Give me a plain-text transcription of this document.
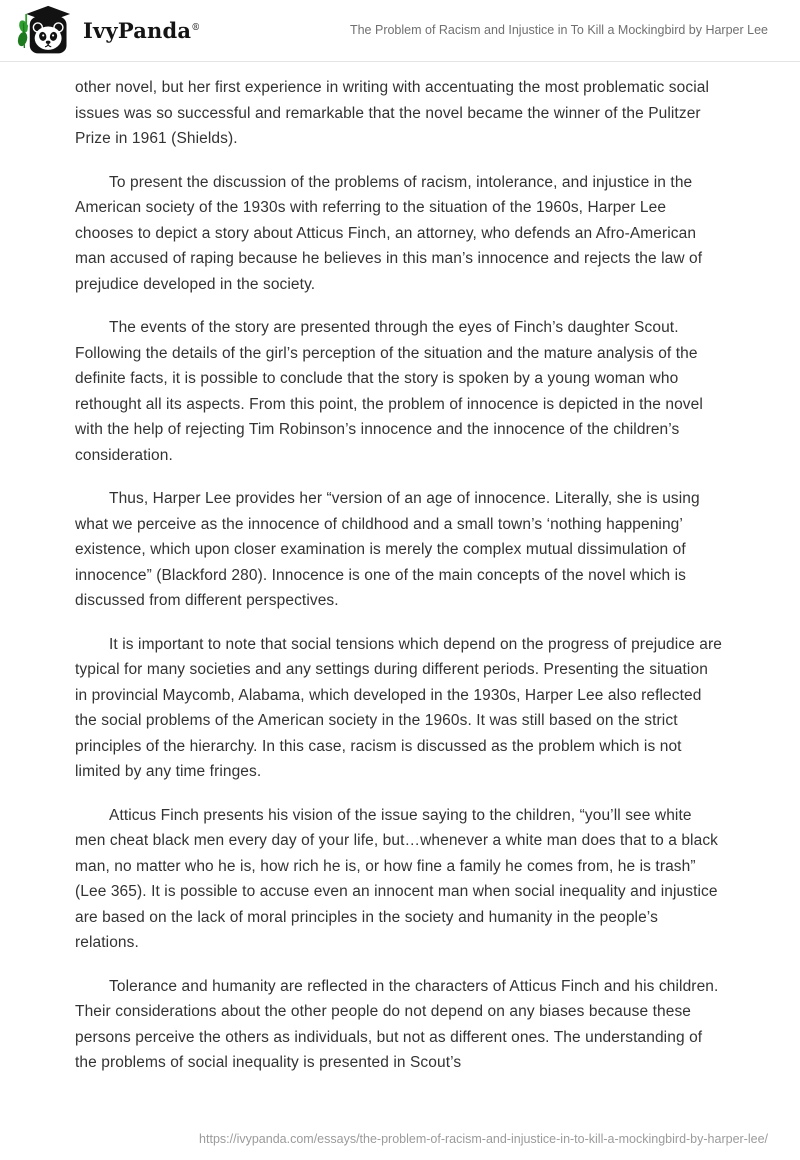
IvyPanda®	The Problem of Racism and Injustice in To Kill a Mockingbird by Harper Lee

other novel, but her first experience in writing with accentuating the most problematic social issues was so successful and remarkable that the novel became the winner of the Pulitzer Prize in 1961 (Shields).

To present the discussion of the problems of racism, intolerance, and injustice in the American society of the 1930s with referring to the situation of the 1960s, Harper Lee chooses to depict a story about Atticus Finch, an attorney, who defends an Afro-American man accused of raping because he believes in this man’s innocence and rejects the law of prejudice developed in the society.

The events of the story are presented through the eyes of Finch’s daughter Scout. Following the details of the girl’s perception of the situation and the mature analysis of the definite facts, it is possible to conclude that the story is spoken by a young woman who rethought all its aspects. From this point, the problem of innocence is depicted in the novel with the help of rejecting Tim Robinson’s innocence and the innocence of the children’s consideration.

Thus, Harper Lee provides her “version of an age of innocence. Literally, she is using what we perceive as the innocence of childhood and a small town’s ‘nothing happening’ existence, which upon closer examination is merely the complex mutual dissimulation of innocence” (Blackford 280). Innocence is one of the main concepts of the novel which is discussed from different perspectives.

It is important to note that social tensions which depend on the progress of prejudice are typical for many societies and any settings during different periods. Presenting the situation in provincial Maycomb, Alabama, which developed in the 1930s, Harper Lee also reflected the social problems of the American society in the 1960s. It was still based on the strict principles of the hierarchy. In this case, racism is discussed as the problem which is not limited by any time fringes.

Atticus Finch presents his vision of the issue saying to the children, “you’ll see white men cheat black men every day of your life, but…whenever a white man does that to a black man, no matter who he is, how rich he is, or how fine a family he comes from, he is trash” (Lee 365). It is possible to accuse even an innocent man when social inequality and injustice are based on the lack of moral principles in the society and humanity in the people’s relations.

Tolerance and humanity are reflected in the characters of Atticus Finch and his children. Their considerations about the other people do not depend on any biases because these persons perceive the others as individuals, but not as different ones. The understanding of the problems of social inequality is presented in Scout’s

https://ivypanda.com/essays/the-problem-of-racism-and-injustice-in-to-kill-a-mockingbird-by-harper-lee/
